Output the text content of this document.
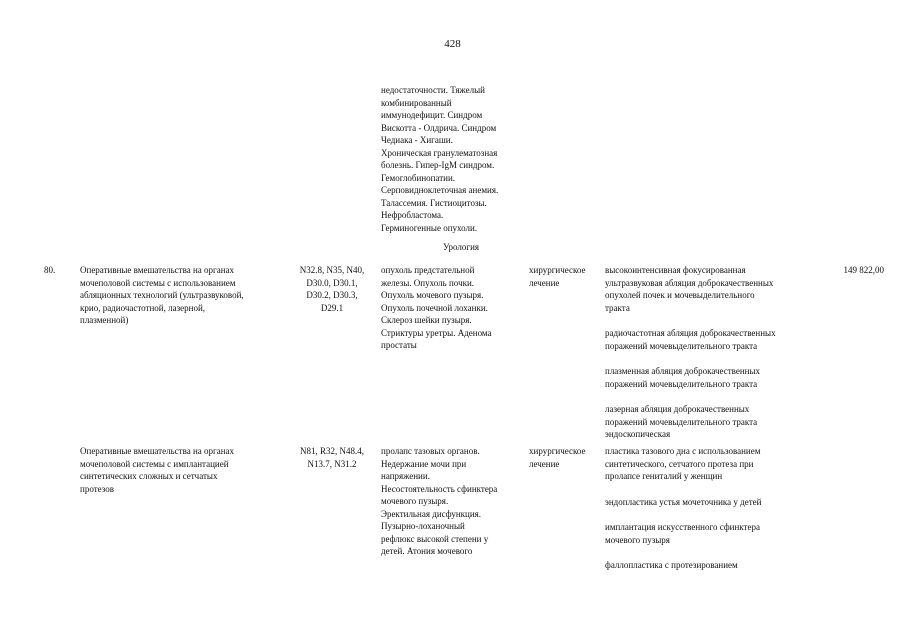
428
недостаточности. Тяжелый
комбинированный
иммунодефицит. Синдром
Вискотта - Олдрича. Синдром
Чедиака - Хигаши.
Хроническая гранулематозная
болезнь. Гипер-IgM синдром.
Гемоглобинопатии.
Серповидноклеточная анемия.
Талассемия. Гистиоцитозы.
Нефробластома.
Герминогенные опухоли.
Урология
80.	Оперативные вмешательства на органах
мочеполовой системы с использованием
абляционных технологий (ультразвуковой,
крио, радиочастотной, лазерной,
плазменной)
N32.8, N35, N40,
D30.0, D30.1,
D30.2, D30.3,
D29.1
опухоль предстательной
железы. Опухоль почки.
Опухоль мочевого пузыря.
Опухоль почечной лоханки.
Склероз шейки пузыря.
Стриктуры уретры. Аденома
простаты
хирургическое
лечение
высокоинтенсивная фокусированная
ультразвуковая абляция доброкачественных
опухолей почек и мочевыделительного
тракта
радиочастотная абляция доброкачественных
поражений мочевыделительного тракта
плазменная абляция доброкачественных
поражений мочевыделительного тракта
лазерная абляция доброкачественных
поражений мочевыделительного тракта
эндоскопическая
149 822,00
Оперативные вмешательства на органах
мочеполовой системы с имплантацией
синтетических сложных и сетчатых
протезов
N81, R32, N48.4,
N13.7, N31.2
пролапс тазовых органов.
Недержание мочи при
напряжении.
Несостоятельность сфинктера
мочевого пузыря.
Эректильная дисфункция.
Пузырно-лоханочный
рефлюкс высокой степени у
детей. Атония мочевого
хирургическое
лечение
пластика тазового дна с использованием
синтетического, сетчатого протеза при
пролапсе гениталий у женщин
эндопластика устья мочеточника у детей
имплантация искусственного сфинктера
мочевого пузыря
фаллопластика с протезированием
